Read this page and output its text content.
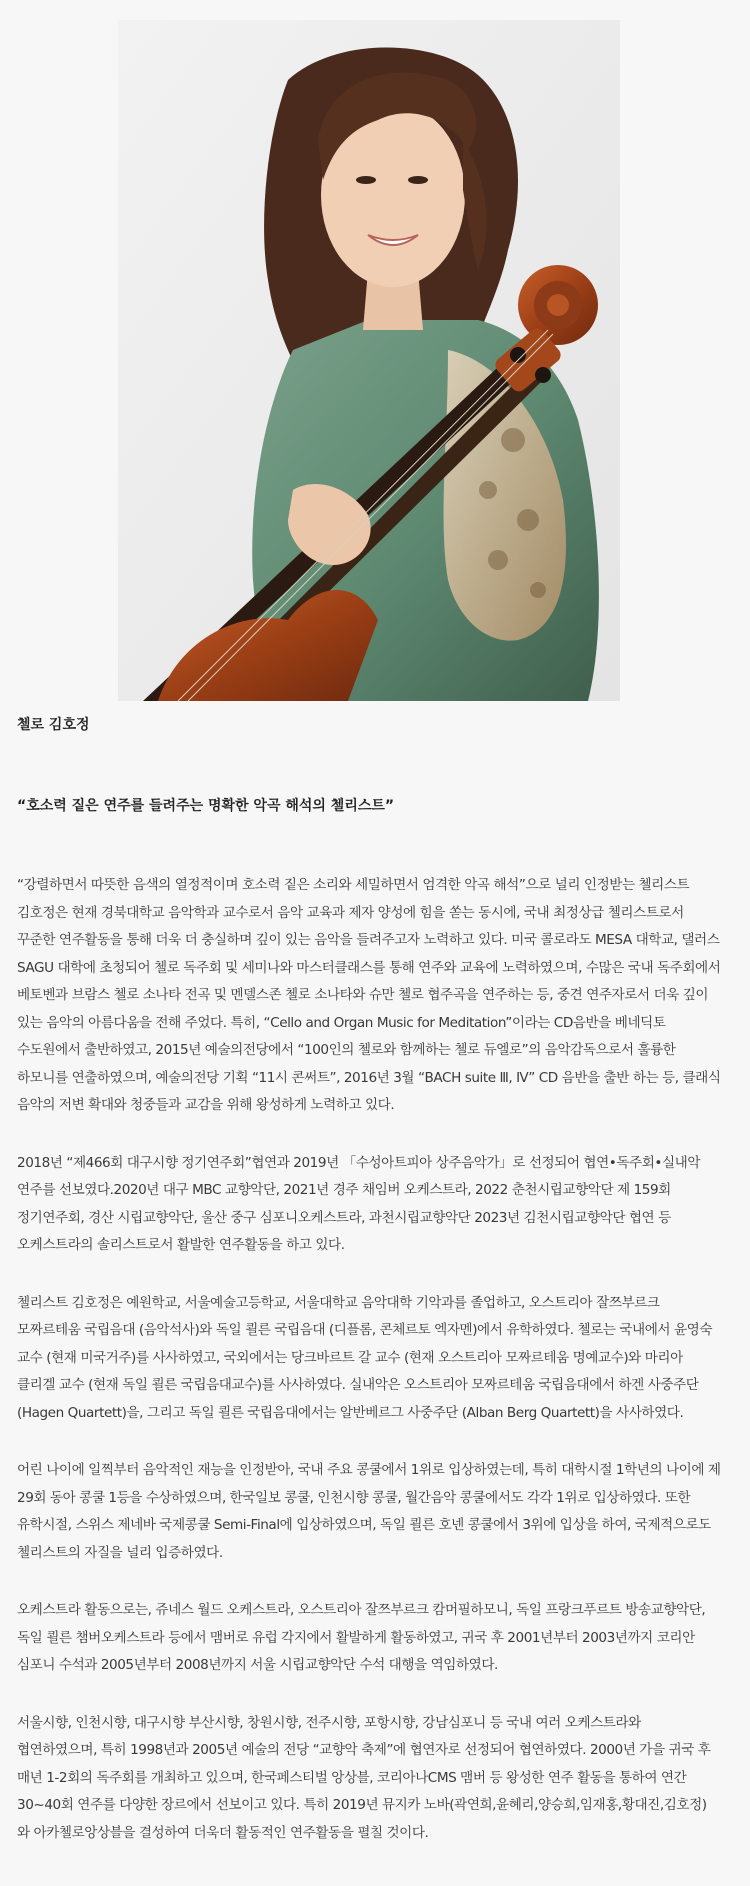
첼로 김호정
“호소력 짙은 연주를 들려주는 명확한 악곡 해석의 첼리스트”

“강렬하면서 따뜻한 음색의 열정적이며 호소력 짙은 소리와 세밀하면서 엄격한 악곡 해석”으로 널리 인정받는 첼리스트 김호정은 현재 경북대학교 음악학과 교수로서 음악 교육과 제자 양성에 힘을 쏟는 동시에, 국내 최정상급 첼리스트로서 꾸준한 연주활동을 통해 더욱 더 충실하며 깊이 있는 음악을 들려주고자 노력하고 있다. 미국 콜로라도 MESA 대학교, 댈러스 SAGU 대학에 초청되어 첼로 독주회 및 세미나와 마스터클래스를 통해 연주와 교육에 노력하였으며, 수많은 국내 독주회에서 베토벤과 브람스 첼로 소나타 전곡 및 멘델스존 첼로 소나타와 슈만 첼로 협주곡을 연주하는 등, 중견 연주자로서 더욱 깊이 있는 음악의 아름다움을 전해 주었다. 특히, “Cello and Organ Music for Meditation”이라는 CD음반을 베네딕토 수도원에서 출반하였고, 2015년 예술의전당에서 “100인의 첼로와 함께하는 첼로 듀엘로”의 음악감독으로서 훌륭한 하모니를 연출하였으며, 예술의전당 기획 “11시 콘써트”, 2016년 3월 “BACH suite Ⅲ, Ⅳ” CD 음반을 출반 하는 등, 클래식 음악의 저변 확대와 청중들과 교감을 위해 왕성하게 노력하고 있다.

2018년 “제466회 대구시향 정기연주회”협연과 2019년 「수성아트피아 상주음악가」로 선정되어 협연•독주회•실내악 연주를 선보였다.2020년 대구 MBC 교향악단, 2021년 경주 채임버 오케스트라, 2022 춘천시립교향악단 제 159회 정기연주회, 경산 시립교향악단, 울산 중구 심포니오케스트라, 과천시립교향악단 2023년 김천시립교향악단 협연 등 오케스트라의 솔리스트로서 활발한 연주활동을 하고 있다.

첼리스트 김호정은 예원학교, 서울예술고등학교, 서울대학교 음악대학 기악과를 졸업하고, 오스트리아 잘쯔부르크 모짜르테움 국립음대 (음악석사)와 독일 쾰른 국립음대 (디플롬, 콘체르토 엑자멘)에서 유학하였다. 첼로는 국내에서 윤영숙 교수 (현재 미국거주)를 사사하였고, 국외에서는 당크바르트 갈 교수 (현재 오스트리아 모짜르테움 명예교수)와 마리아 클리겔 교수 (현재 독일 쾰른 국립음대교수)를 사사하였다. 실내악은 오스트리아 모짜르테움 국립음대에서 하겐 사중주단 (Hagen Quartett)을, 그리고 독일 쾰른 국립음대에서는 알반베르그 사중주단 (Alban Berg Quartett)을 사사하였다.

어린 나이에 일찍부터 음악적인 재능을 인정받아, 국내 주요 콩쿨에서 1위로 입상하였는데, 특히 대학시절 1학년의 나이에 제 29회 동아 콩쿨 1등을 수상하였으며, 한국일보 콩쿨, 인천시향 콩쿨, 월간음악 콩쿨에서도 각각 1위로 입상하였다. 또한 유학시절, 스위스 제네바 국제콩쿨 Semi-Final에 입상하였으며, 독일 쾰른 호넨 콩쿨에서 3위에 입상을 하여, 국제적으로도 첼리스트의 자질을 널리 입증하였다.

오케스트라 활동으로는, 쥬네스 월드 오케스트라, 오스트리아 잘쯔부르크 캄머필하모니, 독일 프랑크푸르트 방송교향악단, 독일 쾰른 챔버오케스트라 등에서 맴버로 유럽 각지에서 활발하게 활동하였고, 귀국 후 2001년부터 2003년까지 코리안 심포니 수석과 2005년부터 2008년까지 서울 시립교향악단 수석 대행을 역임하였다.

서울시향, 인천시향, 대구시향 부산시향, 창원시향, 전주시향, 포항시향, 강남심포니 등 국내 여러 오케스트라와 협연하였으며, 특히 1998년과 2005년 예술의 전당 “교향악 축제”에 협연자로 선정되어 협연하였다. 2000년 가을 귀국 후 매년 1-2회의 독주회를 개최하고 있으며, 한국페스티벌 앙상블, 코리아나CMS 맴버 등 왕성한 연주 활동을 통하여 연간 30~40회 연주를 다양한 장르에서 선보이고 있다. 특히 2019년 뮤지카 노바(곽연희,윤혜리,양승희,임재홍,황대진,김호정) 와 아카첼로앙상블을 결성하여 더욱더 활동적인 연주활동을 펼칠 것이다.
